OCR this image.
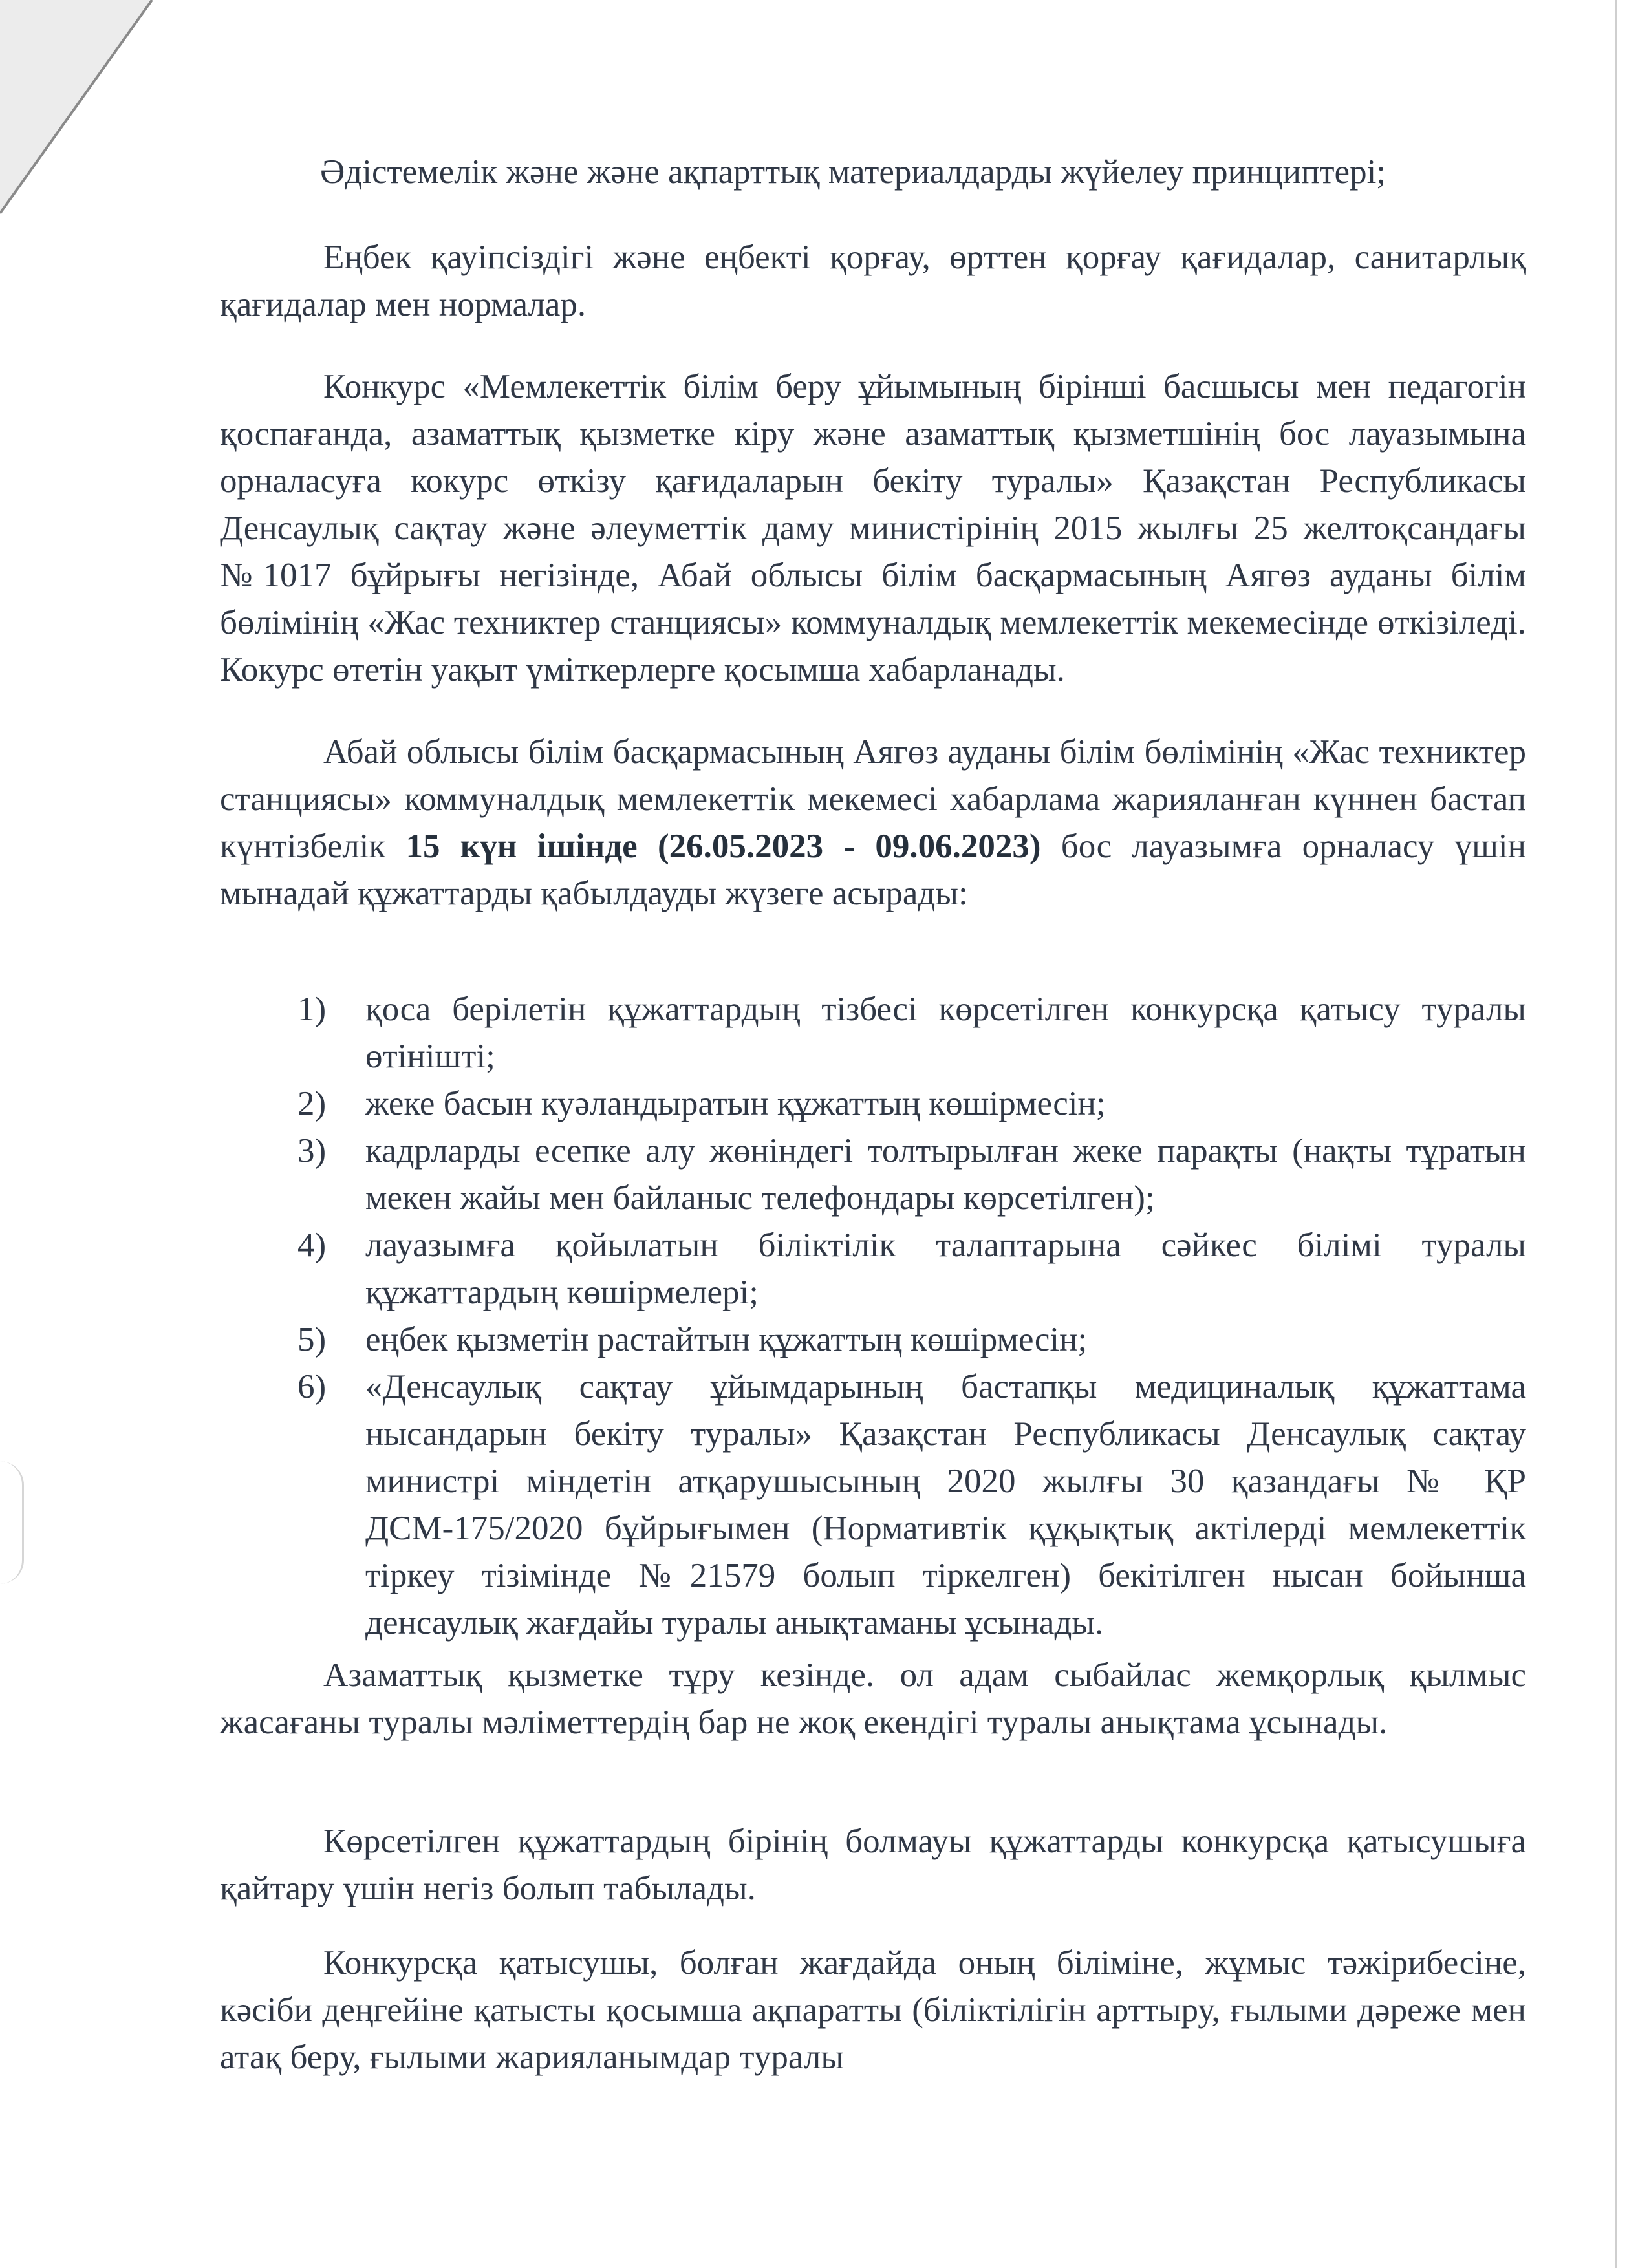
Әдістемелік және және ақпарттық материалдарды жүйелеу принциптері;

Еңбек қауіпсіздігі және еңбекті қорғау, өрттен қорғау қағидалар, санитарлық қағидалар мен нормалар.

Конкурс «Мемлекеттік білім беру ұйымының бірінші басшысы мен педагогін қоспағанда, азаматтық қызметке кіру және азаматтық қызметшінің бос лауазымына орналасуға кокурс өткізу қағидаларын бекіту туралы» Қазақстан Республикасы Денсаулық сақтау және әлеуметтік даму министірінің 2015 жылғы 25 желтоқсандағы №1017 бұйрығы негізінде, Абай облысы білім басқармасының Аягөз ауданы білім бөлімінің «Жас техниктер станциясы» коммуналдық мемлекеттік мекемесінде өткізіледі. Кокурс өтетін уақыт үміткерлерге қосымша хабарланады.

Абай облысы білім басқармасының Аягөз ауданы білім бөлімінің «Жас техниктер станциясы» коммуналдық мемлекеттік мекемесі хабарлама жарияланған күннен бастап күнтізбелік 15 күн ішінде (26.05.2023 - 09.06.2023) бос лауазымға орналасу үшін мынадай құжаттарды қабылдауды жүзеге асырады:

1) қоса берілетін құжаттардың тізбесі көрсетілген конкурсқа қатысу туралы өтінішті;
2) жеке басын куәландыратын құжаттың көшірмесін;
3) кадрларды есепке алу жөніндегі толтырылған жеке парақты (нақты тұратын мекен жайы мен байланыс телефондары көрсетілген);
4) лауазымға қойылатын біліктілік талаптарына сәйкес білімі туралы құжаттардың көшірмелері;
5) еңбек қызметін растайтын құжаттың көшірмесін;
6) «Денсаулық сақтау ұйымдарының бастапқы медициналық құжаттама нысандарын бекіту туралы» Қазақстан Республикасы Денсаулық сақтау министрі міндетін атқарушысының 2020 жылғы 30 қазандағы № ҚР ДСМ-175/2020 бұйрығымен (Нормативтік құқықтық актілерді мемлекеттік тіркеу тізімінде №21579 болып тіркелген) бекітілген нысан бойынша денсаулық жағдайы туралы анықтаманы ұсынады.

Азаматтық қызметке тұру кезінде. ол адам сыбайлас жемқорлық қылмыс жасағаны туралы мәліметтердің бар не жоқ екендігі туралы анықтама ұсынады.

Көрсетілген құжаттардың бірінің болмауы құжаттарды конкурсқа қатысушыға қайтару үшін негіз болып табылады.

Конкурсқа қатысушы, болған жағдайда оның біліміне, жұмыс тәжірибесіне, кәсіби деңгейіне қатысты қосымша ақпаратты (біліктілігін арттыру, ғылыми дәреже мен атақ беру, ғылыми жарияланымдар туралы
